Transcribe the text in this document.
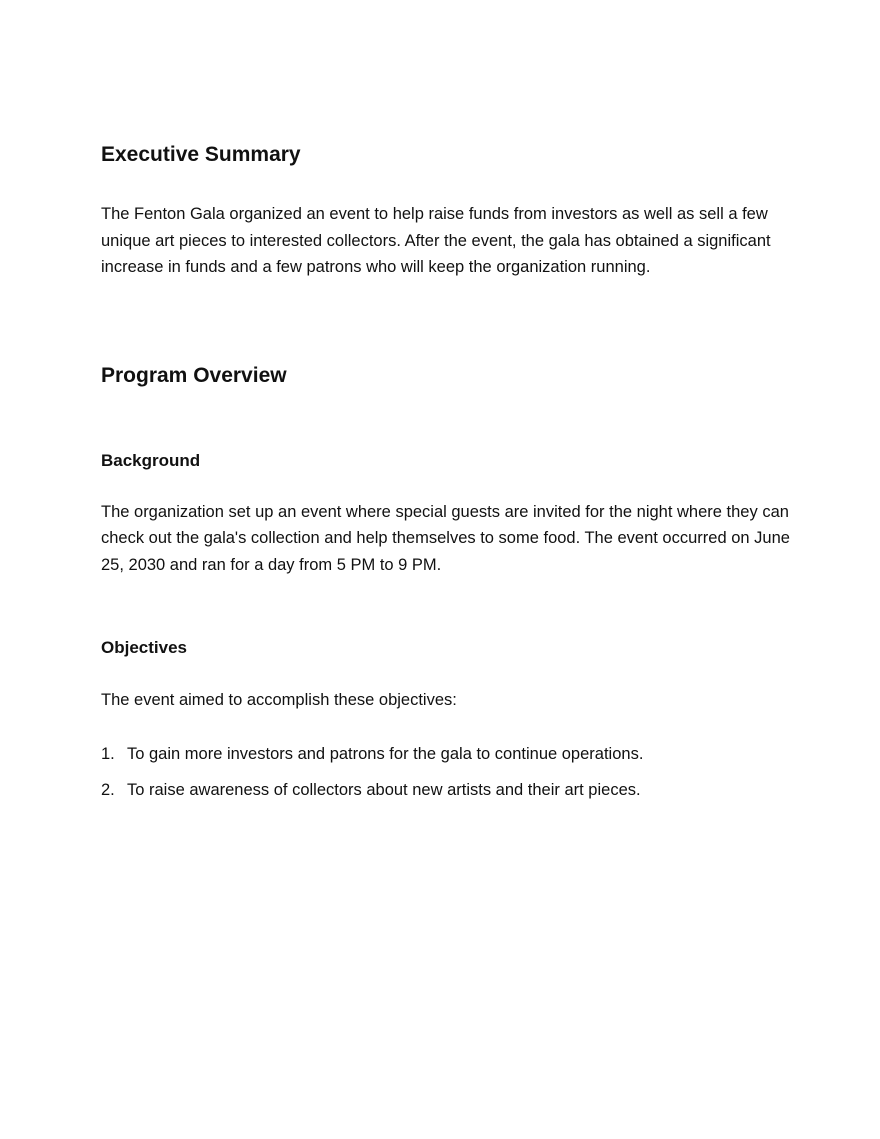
Executive Summary

The Fenton Gala organized an event to help raise funds from investors as well as sell a few unique art pieces to interested collectors. After the event, the gala has obtained a significant increase in funds and a few patrons who will keep the organization running.

Program Overview
Background

The organization set up an event where special guests are invited for the night where they can check out the gala's collection and help themselves to some food. The event occurred on June 25, 2030 and ran for a day from 5 PM to 9 PM.

Objectives

The event aimed to accomplish these objectives:

1. To gain more investors and patrons for the gala to continue operations.
2. To raise awareness of collectors about new artists and their art pieces.
